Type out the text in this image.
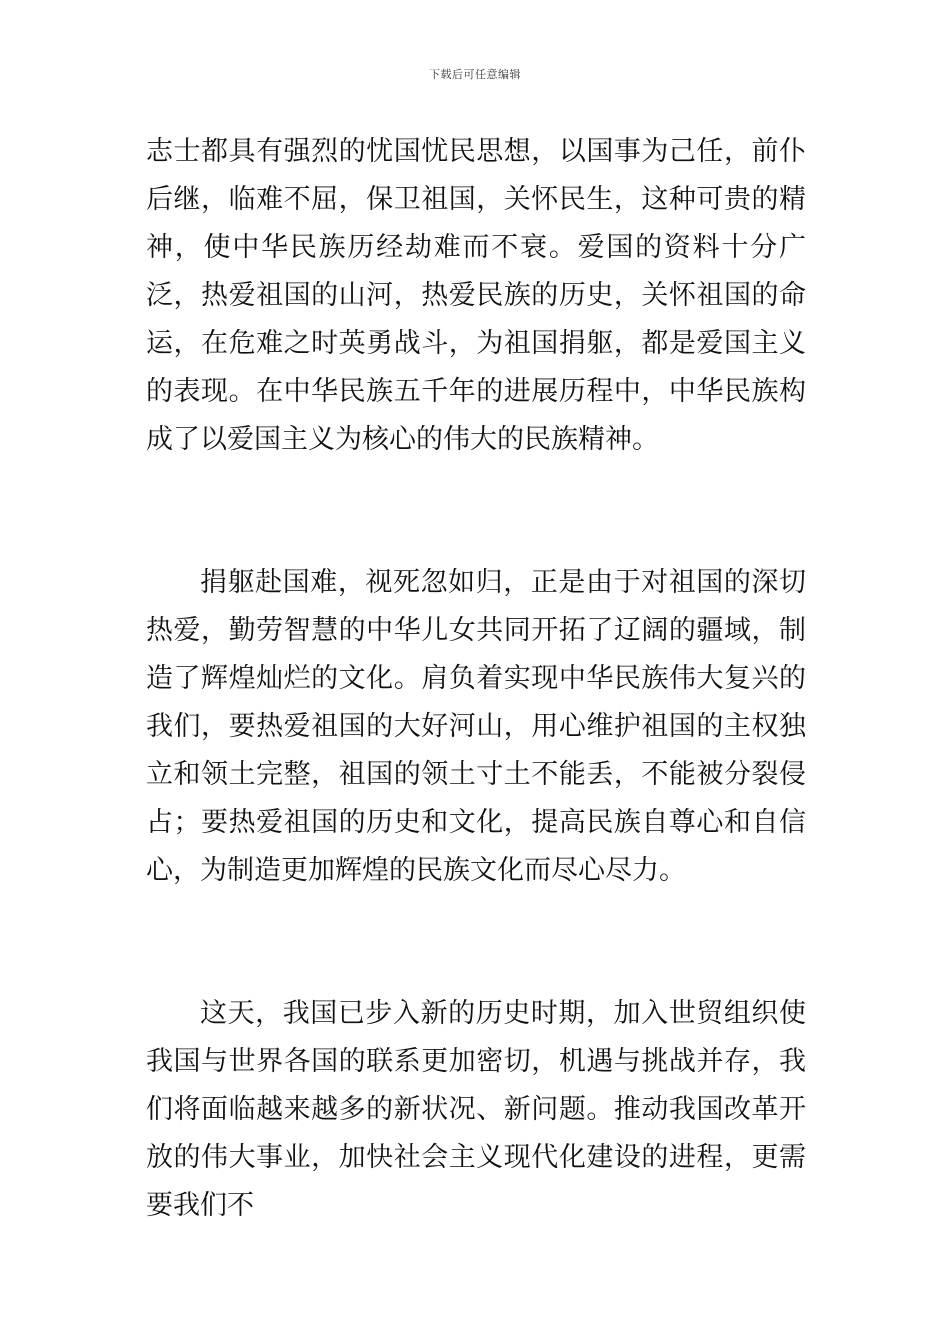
下载后可任意编辑

志士都具有强烈的忧国忧民思想，以国事为己任，前仆后继，临难不屈，保卫祖国，关怀民生，这种可贵的精神，使中华民族历经劫难而不衰。爱国的资料十分广泛，热爱祖国的山河，热爱民族的历史，关怀祖国的命运，在危难之时英勇战斗，为祖国捐躯，都是爱国主义的表现。在中华民族五千年的进展历程中，中华民族构成了以爱国主义为核心的伟大的民族精神。

捐躯赴国难，视死忽如归，正是由于对祖国的深切热爱，勤劳智慧的中华儿女共同开拓了辽阔的疆域，制造了辉煌灿烂的文化。肩负着实现中华民族伟大复兴的我们，要热爱祖国的大好河山，用心维护祖国的主权独立和领土完整，祖国的领土寸土不能丢，不能被分裂侵占；要热爱祖国的历史和文化，提高民族自尊心和自信心，为制造更加辉煌的民族文化而尽心尽力。

这天，我国已步入新的历史时期，加入世贸组织使我国与世界各国的联系更加密切，机遇与挑战并存，我们将面临越来越多的新状况、新问题。推动我国改革开放的伟大事业，加快社会主义现代化建设的进程，更需要我们不
